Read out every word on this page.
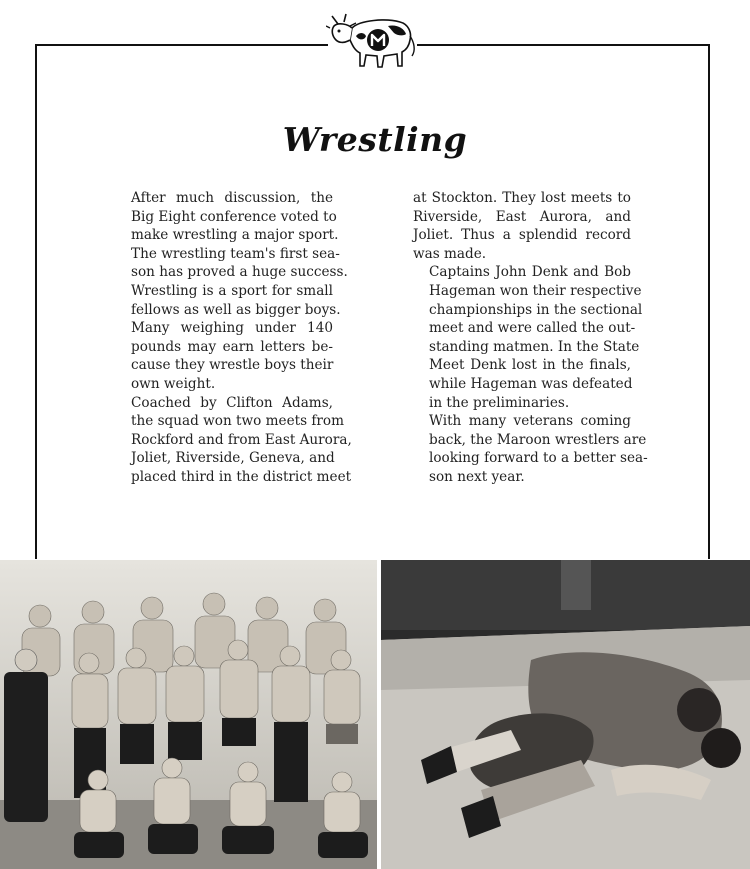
Wrestling

After much discussion, the
Big Eight conference voted to
make wrestling a major sport.
The wrestling team's first sea-
son has proved a huge success.

Wrestling is a sport for small
fellows as well as bigger boys.
Many weighing under 140
pounds may earn letters be-
cause they wrestle boys their
own weight.

Coached by Clifton Adams,
the squad won two meets from
Rockford and from East Aurora,
Joliet, Riverside, Geneva, and
placed third in the district meet

at Stockton. They lost meets to
Riverside, East Aurora, and
Joliet. Thus a splendid record
was made.

Captains John Denk and Bob
Hageman won their respective
championships in the sectional
meet and were called the out-
standing matmen. In the State
Meet Denk lost in the finals,
while Hageman was defeated
in the preliminaries.

With many veterans coming
back, the Maroon wrestlers are
looking forward to a better sea-
son next year.
